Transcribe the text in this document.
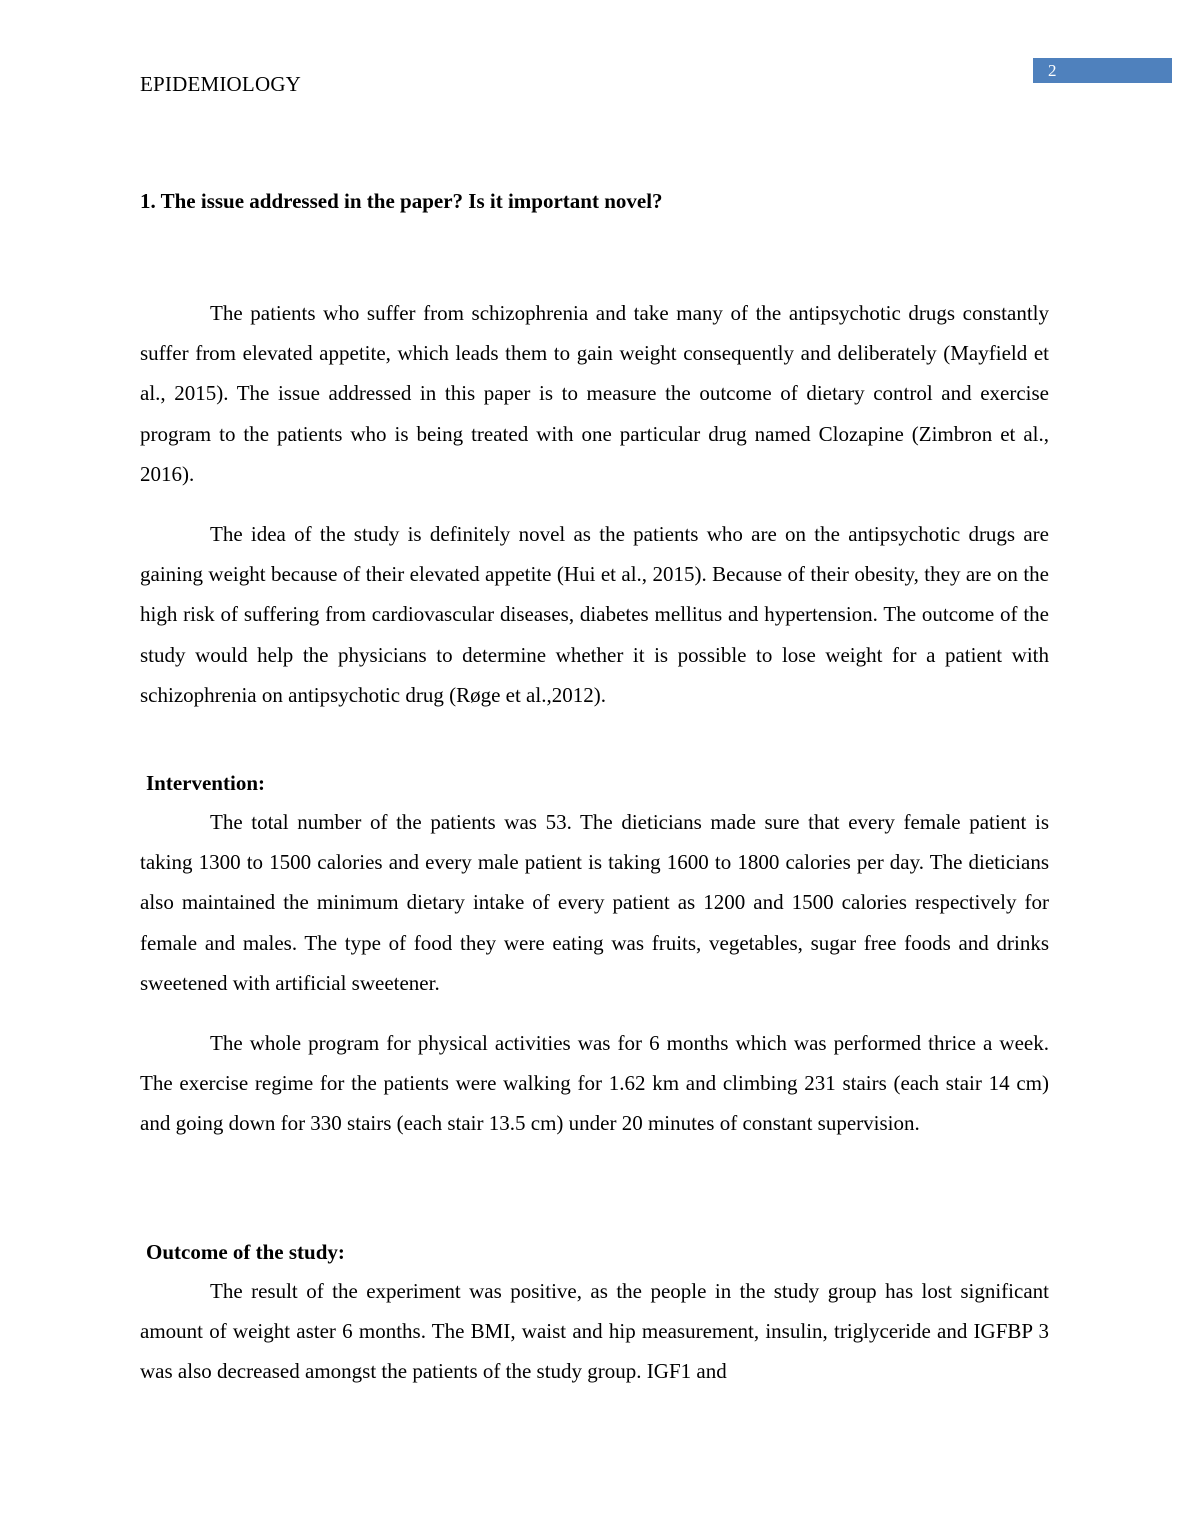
EPIDEMIOLOGY
2
1. The issue addressed in the paper? Is it important novel?

The patients who suffer from schizophrenia and take many of the antipsychotic drugs constantly suffer from elevated appetite, which leads them to gain weight consequently and deliberately (Mayfield et al., 2015). The issue addressed in this paper is to measure the outcome of dietary control and exercise program to the patients who is being treated with one particular drug named Clozapine (Zimbron et al., 2016).

The idea of the study is definitely novel as the patients who are on the antipsychotic drugs are gaining weight because of their elevated appetite (Hui et al., 2015). Because of their obesity, they are on the high risk of suffering from cardiovascular diseases, diabetes mellitus and hypertension. The outcome of the study would help the physicians to determine whether it is possible to lose weight for a patient with schizophrenia on antipsychotic drug (Røge et al.,2012).

Intervention:

The total number of the patients was 53. The dieticians made sure that every female patient is taking 1300 to 1500 calories and every male patient is taking 1600 to 1800 calories per day. The dieticians also maintained the minimum dietary intake of every patient as 1200 and 1500 calories respectively for female and males. The type of food they were eating was fruits, vegetables, sugar free foods and drinks sweetened with artificial sweetener.

The whole program for physical activities was for 6 months which was performed thrice a week. The exercise regime for the patients were walking for 1.62 km and climbing 231 stairs (each stair 14 cm) and going down for 330 stairs (each stair 13.5 cm) under 20 minutes of constant supervision.

Outcome of the study:

The result of the experiment was positive, as the people in the study group has lost significant amount of weight aster 6 months. The BMI, waist and hip measurement, insulin, triglyceride and IGFBP 3 was also decreased amongst the patients of the study group. IGF1 and
